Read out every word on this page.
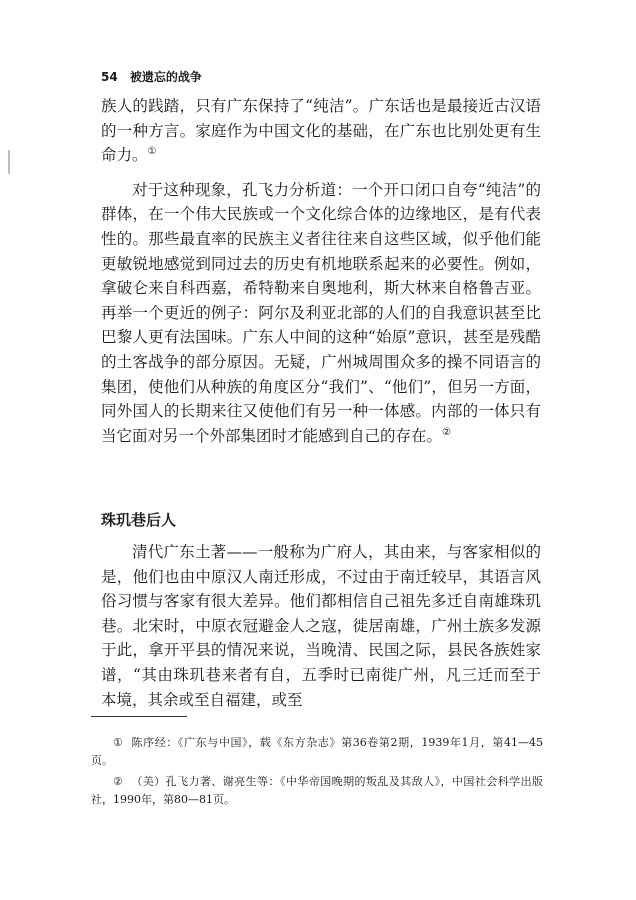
54 被遗忘的战争

族人的践踏，只有广东保持了“纯洁”。广东话也是最接近古汉语的一种方言。家庭作为中国文化的基础，在广东也比别处更有生命力。①

对于这种现象，孔飞力分析道：一个开口闭口自夸“纯洁”的群体，在一个伟大民族或一个文化综合体的边缘地区，是有代表性的。那些最直率的民族主义者往往来自这些区域，似乎他们能更敏锐地感觉到同过去的历史有机地联系起来的必要性。例如，拿破仑来自科西嘉，希特勒来自奥地利，斯大林来自格鲁吉亚。再举一个更近的例子：阿尔及利亚北部的人们的自我意识甚至比巴黎人更有法国味。广东人中间的这种“始原”意识，甚至是残酷的土客战争的部分原因。无疑，广州城周围众多的操不同语言的集团，使他们从种族的角度区分“我们”、“他们”，但另一方面，同外国人的长期来往又使他们有另一种一体感。内部的一体只有当它面对另一个外部集团时才能感到自己的存在。②

珠玑巷后人

清代广东土著——一般称为广府人，其由来，与客家相似的是，他们也由中原汉人南迁形成，不过由于南迁较早，其语言风俗习惯与客家有很大差异。他们都相信自己祖先多迁自南雄珠玑巷。北宋时，中原衣冠避金人之寇，徙居南雄，广州土族多发源于此，拿开平县的情况来说，当晚清、民国之际，县民各族姓家谱，“其由珠玑巷来者有自，五季时已南徙广州，凡三迁而至于本境，其余或至自福建，或至

① 陈序经：《广东与中国》，载《东方杂志》第36卷第2期，1939年1月，第41—45页。

② （美）孔飞力著、谢亮生等：《中华帝国晚期的叛乱及其敌人》，中国社会科学出版社，1990年，第80—81页。
